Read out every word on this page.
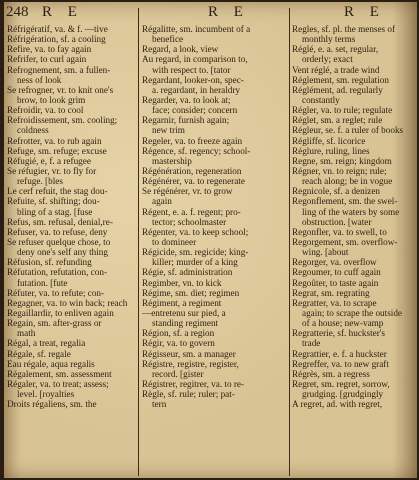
248 R E	R E	R E
Réfrigératif, va. & f. —tive
Réfrigération, sf. a cooling
Refire, va. to fay again
Refrifer, to curl again
Refrognement, sm. a fullen-
ness of look
Se refrogner, vr. to knit one's
brow, to look grim
Refroidir, va. to cool
Refroidissement, sm. cooling;
coldness
Refrotter, va. to rub again
Refuge, sm. refuge; excuse
Réfugié, e, f. a refugee
Se réfugier, vr. to fly for
refuge. [bles
Le cerf refuit, the stag dou-
Refuite, sf. shifting; dou-
bling of a stag. [fuse
Refus, sm. refusal, denial,re-
Refuser, va. to refuse, deny
Se refuser quelque chose, to
deny one's self any thing
Réfusion, sf. refunding
Réfutation, refutation, con-
futation. [fute
Réfuter, va. to refute; con-
Regagner, va. to win back; reach
Regaillardir, to enliven again
Regain, sm. after-grass or
math
Régal, a treat, regalia
Régale, sf. regale
Eau régale, aqua regalis
Régalement, sm. assessment
Régaler, va. to treat; assess;
level. [royalties
Droits régaliens, sm. the
Régalitte, sm. incumbent of a
benefice
Regard, a look, view
Au regard, in comparison to,
with respect to. [tator
Regardant, looker-on, spec-
a. regardant, in heraldry
Regarder, va. to look at;
face; consider; concern
Regarnir, furnish again;
new trim
Regeler, va. to freeze again
Régence, sf. regency; school-
mastership
Régénération, regeneration
Régénérer, va. to regenerate
Se régénérer, vr. to grow
again
Régent, e. a. f. regent; pro-
tector; schoolmaster
Régenter, va. to keep school;
to domineer
Régicide, sm. regicide; king-
killer; murder of a king
Régie, sf. administration
Regimber, vn. to kick
Régime, sm. diet; regimen
Régiment, a regiment
—entretenu sur pied, a
standing regiment
Région, sf. a region
Régir, va. to govern
Régisseur, sm. a manager
Régistre, registre, register,
record. [gister
Régistrer, regitrer, va. to re-
Règle, sf. rule; ruler; pat-
tern
Regles, sf. pl. the menses of
monthly terms
Réglé, e. a. set, regular,
orderly; exact
Vent réglé, a trade wind
Réglement, sm. regulation
Réglément, ad. regularly
constantly
Régler, va. to rule; regulate
Réglet, sm. a reglet; rule
Régleur, se. f. a ruler of books
Régliffe, sf. licorice
Réglure, ruling, lines
Regne, sm. reign; kingdom
Régner, vn. to reign; rule;
reach along; be in vogue
Regnicole, sf. a denizen
Regonflement, sm. the swel-
ling of the waters by some
obstruction. [water
Regonfler, va. to swell, to
Regorgement, sm. overflow-
wing. [about
Regorger, va. overflow
Regoumer, to cuff again
Regoûter, to taste again
Regrat, sm. regrating
Regratter, va. to scrape
again; to scrape the outside
of a house; new-vamp
Regratterie, sf. huckster's
trade
Regrattier, e. f. a huckster
Regreffer, va. to new graft
Régrès, sm. a regress
Regret, sm. regret, sorrow,
grudging. [grudgingly
A regret, ad. with regret,
